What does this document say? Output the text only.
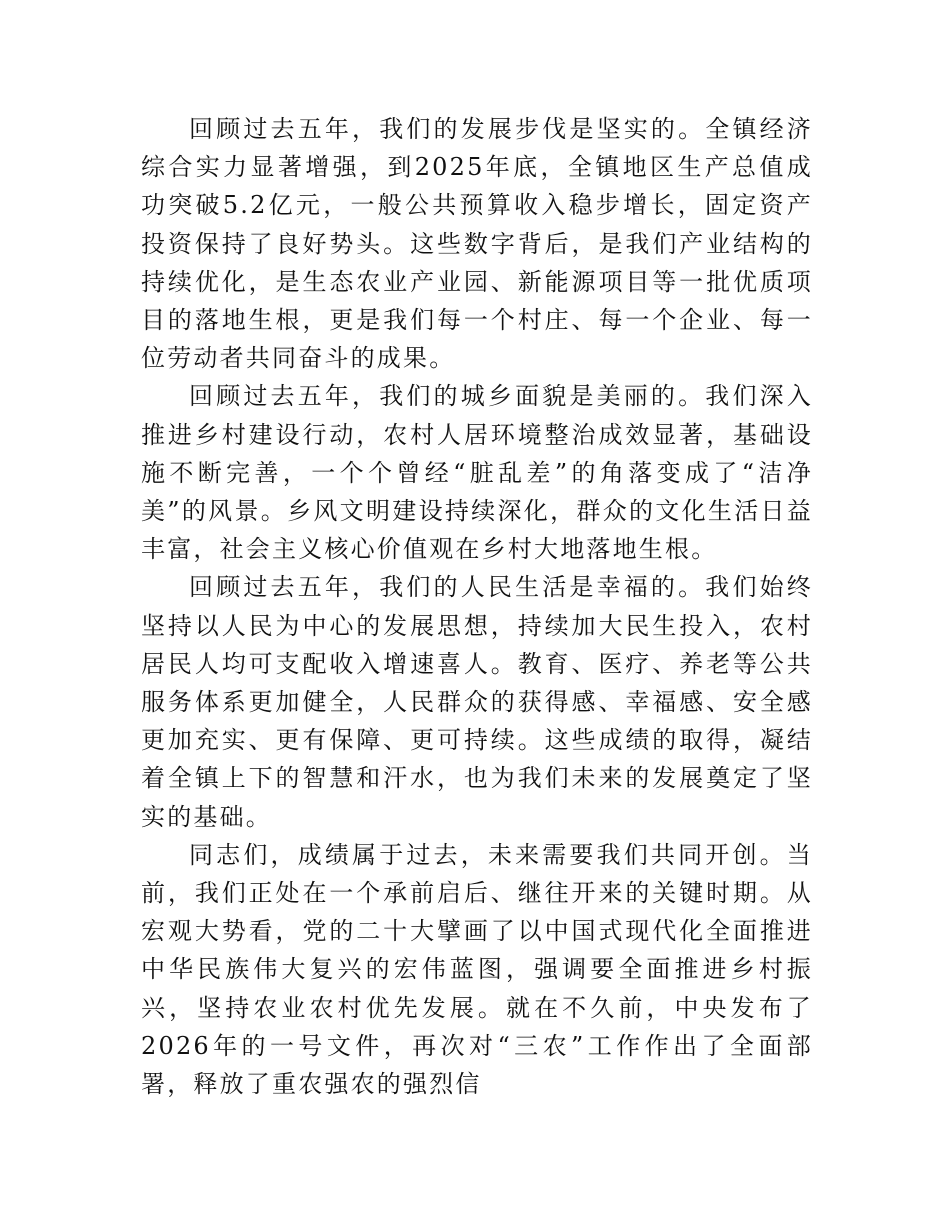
回顾过去五年，我们的发展步伐是坚实的。全镇经济综合实力显著增强，到2025年底，全镇地区生产总值成功突破5.2亿元，一般公共预算收入稳步增长，固定资产投资保持了良好势头。这些数字背后，是我们产业结构的持续优化，是生态农业产业园、新能源项目等一批优质项目的落地生根，更是我们每一个村庄、每一个企业、每一位劳动者共同奋斗的成果。

回顾过去五年，我们的城乡面貌是美丽的。我们深入推进乡村建设行动，农村人居环境整治成效显著，基础设施不断完善，一个个曾经“脏乱差”的角落变成了“洁净美”的风景。乡风文明建设持续深化，群众的文化生活日益丰富，社会主义核心价值观在乡村大地落地生根。

回顾过去五年，我们的人民生活是幸福的。我们始终坚持以人民为中心的发展思想，持续加大民生投入，农村居民人均可支配收入增速喜人。教育、医疗、养老等公共服务体系更加健全，人民群众的获得感、幸福感、安全感更加充实、更有保障、更可持续。这些成绩的取得，凝结着全镇上下的智慧和汗水，也为我们未来的发展奠定了坚实的基础。

同志们，成绩属于过去，未来需要我们共同开创。当前，我们正处在一个承前启后、继往开来的关键时期。从宏观大势看，党的二十大擘画了以中国式现代化全面推进中华民族伟大复兴的宏伟蓝图，强调要全面推进乡村振兴，坚持农业农村优先发展。就在不久前，中央发布了2026年的一号文件，再次对“三农”工作作出了全面部署，释放了重农强农的强烈信
